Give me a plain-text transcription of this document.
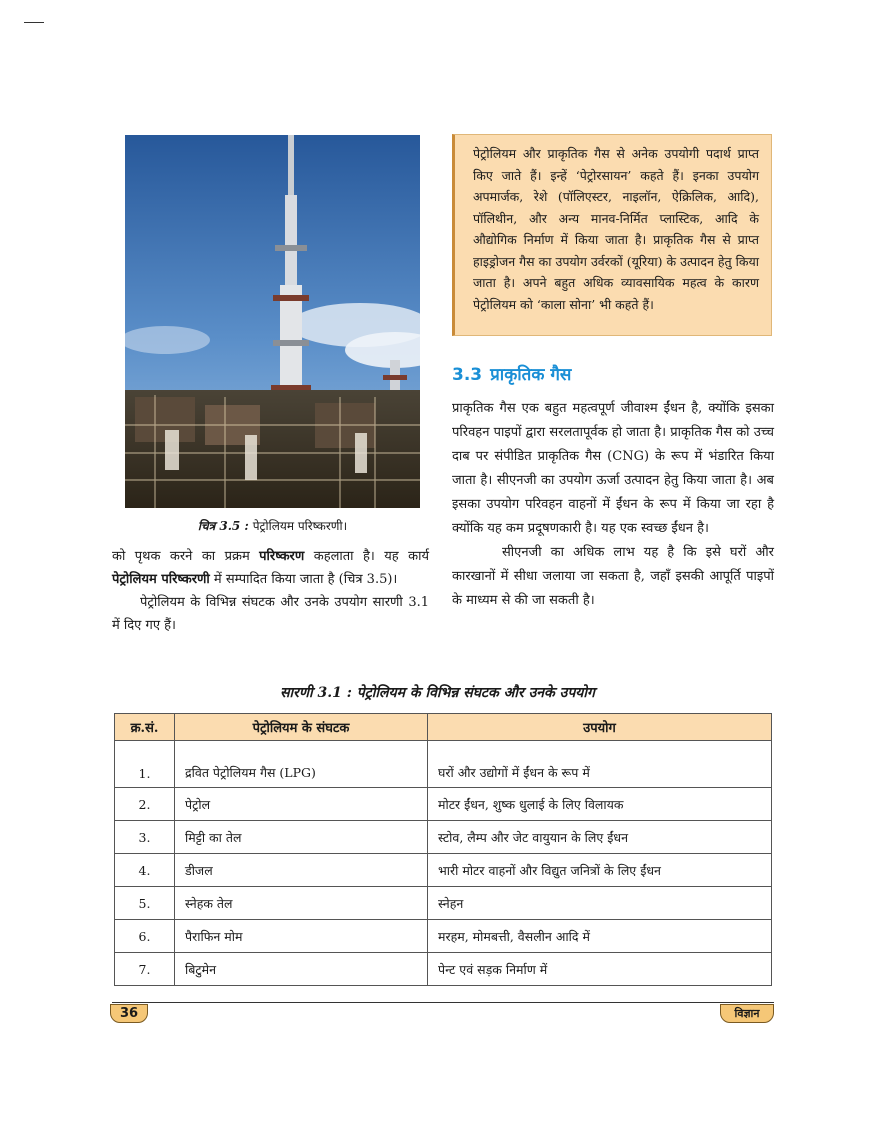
चित्र 3.5 : पेट्रोलियम परिष्करणी।

को पृथक करने का प्रक्रम परिष्करण कहलाता है। यह कार्य पेट्रोलियम परिष्करणी में सम्पादित किया जाता है (चित्र 3.5)।

पेट्रोलियम के विभिन्न संघटक और उनके उपयोग सारणी 3.1 में दिए गए हैं।

पेट्रोलियम और प्राकृतिक गैस से अनेक उपयोगी पदार्थ प्राप्त किए जाते हैं। इन्हें ‘पेट्रोरसायन’ कहते हैं। इनका उपयोग अपमार्जक, रेशे (पॉलिएस्टर, नाइलॉन, ऐक्रिलिक, आदि), पॉलिथीन, और अन्य मानव-निर्मित प्लास्टिक, आदि के औद्योगिक निर्माण में किया जाता है। प्राकृतिक गैस से प्राप्त हाइड्रोजन गैस का उपयोग उर्वरकों (यूरिया) के उत्पादन हेतु किया जाता है। अपने बहुत अधिक व्यावसायिक महत्व के कारण पेट्रोलियम को ‘काला सोना’ भी कहते हैं।
3.3 प्राकृतिक गैस

प्राकृतिक गैस एक बहुत महत्वपूर्ण जीवाश्म ईंधन है, क्योंकि इसका परिवहन पाइपों द्वारा सरलतापूर्वक हो जाता है। प्राकृतिक गैस को उच्च दाब पर संपीडित प्राकृतिक गैस (CNG) के रूप में भंडारित किया जाता है। सीएनजी का उपयोग ऊर्जा उत्पादन हेतु किया जाता है। अब इसका उपयोग परिवहन वाहनों में ईंधन के रूप में किया जा रहा है क्योंकि यह कम प्रदूषणकारी है। यह एक स्वच्छ ईंधन है।

सीएनजी का अधिक लाभ यह है कि इसे घरों और कारखानों में सीधा जलाया जा सकता है, जहाँ इसकी आपूर्ति पाइपों के माध्यम से की जा सकती है।

सारणी 3.1 : पेट्रोलियम के विभिन्न संघटक और उनके उपयोग
क्र.सं.	पेट्रोलियम के संघटक	उपयोग
1.	द्रवित पेट्रोलियम गैस (LPG)	घरों और उद्योगों में ईंधन के रूप में
2.	पेट्रोल	मोटर ईंधन, शुष्क धुलाई के लिए विलायक
3.	मिट्टी का तेल	स्टोव, लैम्प और जेट वायुयान के लिए ईंधन
4.	डीजल	भारी मोटर वाहनों और विद्युत जनित्रों के लिए ईंधन
5.	स्नेहक तेल	स्नेहन
6.	पैराफिन मोम	मरहम, मोमबत्ती, वैसलीन आदि में
7.	बिटुमेन	पेन्ट एवं सड़क निर्माण में
36	विज्ञान
